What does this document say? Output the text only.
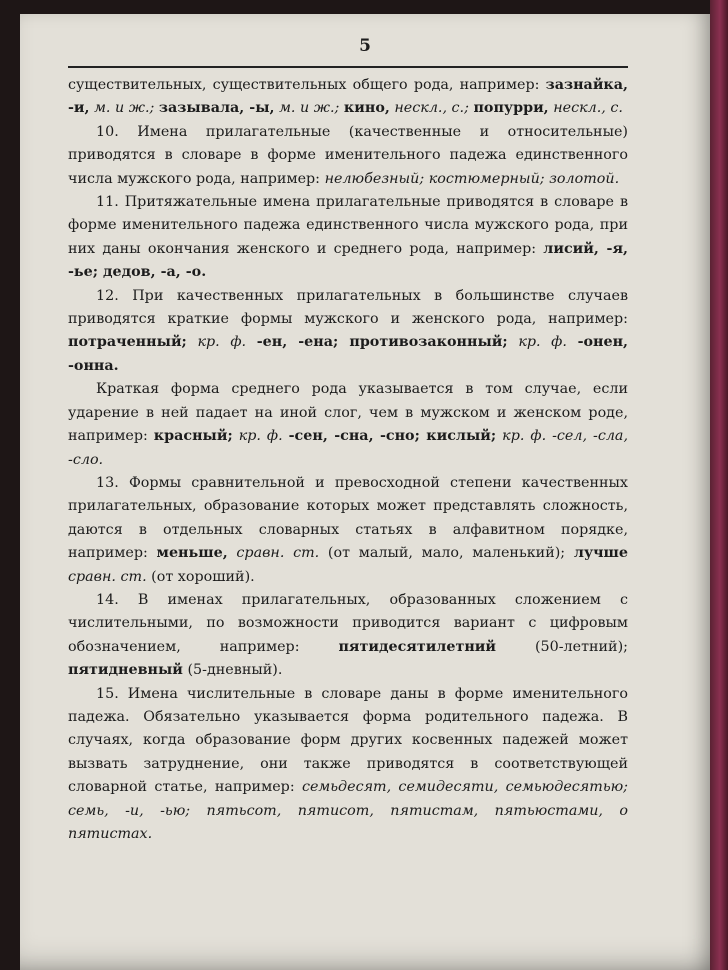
5

существительных, существительных общего рода, например: зазнайка, -и, м. и ж.; зазывала, -ы, м. и ж.; кино, нескл., с.; попурри, нескл., с.

10. Имена прилагательные (качественные и относительные) приводятся в словаре в форме именительного падежа единственного числа мужского рода, например: нелюбезный; костюмерный; золотой.

11. Притяжательные имена прилагательные приводятся в словаре в форме именительного падежа единственного числа мужского рода, при них даны окончания женского и среднего рода, например: лисий, -я, -ье; дедов, -а, -о.

12. При качественных прилагательных в большинстве случаев приводятся краткие формы мужского и женского рода, например: потраченный; кр. ф. -ен, -ена; противозаконный; кр. ф. -онен, -онна.

Краткая форма среднего рода указывается в том случае, если ударение в ней падает на иной слог, чем в мужском и женском роде, например: красный; кр. ф. -сен, -сна, -сно; кислый; кр. ф. -сел, -сла, -сло.

13. Формы сравнительной и превосходной степени качественных прилагательных, образование которых может представлять сложность, даются в отдельных словарных статьях в алфавитном порядке, например: меньше, сравн. ст. (от малый, мало, маленький); лучше сравн. ст. (от хороший).

14. В именах прилагательных, образованных сложением с числительными, по возможности приводится вариант с цифровым обозначением, например: пятидесятилетний (50-летний); пятидневный (5-дневный).

15. Имена числительные в словаре даны в форме именительного падежа. Обязательно указывается форма родительного падежа. В случаях, когда образование форм других косвенных падежей может вызвать затруднение, они также приводятся в соответствующей словарной статье, например: семьдесят, семидесяти, семьюдесятью; семь, -и, -ью; пятьсот, пятисот, пятистам, пятьюстами, о пятистах.
